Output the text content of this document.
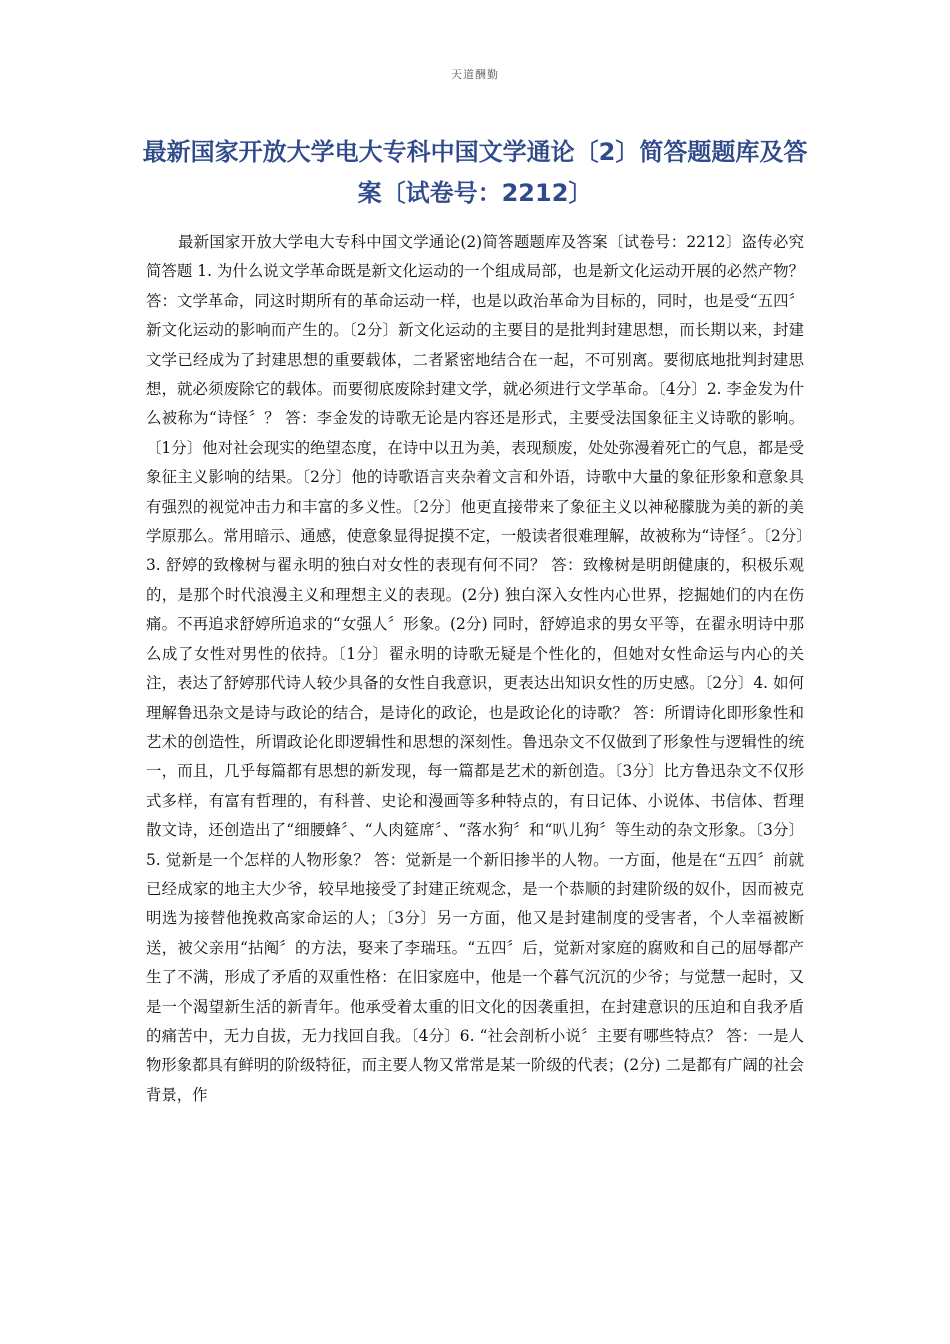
天道酬勤
最新国家开放大学电大专科中国文学通论〔2〕简答题题库及答案〔试卷号：2212〕

最新国家开放大学电大专科中国文学通论(2)简答题题库及答案〔试卷号：2212〕盗传必究 简答题 1. 为什么说文学革命既是新文化运动的一个组成局部，也是新文化运动开展的必然产物？ 答：文学革命，同这时期所有的革命运动一样，也是以政治革命为目标的，同时，也是受“五四〞新文化运动的影响而产生的。〔2分〕新文化运动的主要目的是批判封建思想，而长期以来，封建文学已经成为了封建思想的重要载体，二者紧密地结合在一起，不可别离。要彻底地批判封建思想，就必须废除它的载体。而要彻底废除封建文学，就必须进行文学革命。〔4分〕2. 李金发为什么被称为“诗怪〞？ 答：李金发的诗歌无论是内容还是形式，主要受法国象征主义诗歌的影响。〔1分〕他对社会现实的绝望态度，在诗中以丑为美，表现颓废，处处弥漫着死亡的气息，都是受象征主义影响的结果。〔2分〕他的诗歌语言夹杂着文言和外语，诗歌中大量的象征形象和意象具有强烈的视觉冲击力和丰富的多义性。〔2分〕他更直接带来了象征主义以神秘朦胧为美的新的美学原那么。常用暗示、通感，使意象显得捉摸不定，一般读者很难理解，故被称为“诗怪〞。〔2分〕3. 舒婷的致橡树与翟永明的独白对女性的表现有何不同？ 答：致橡树是明朗健康的，积极乐观的，是那个时代浪漫主义和理想主义的表现。(2分) 独白深入女性内心世界，挖掘她们的内在伤痛。不再追求舒婷所追求的“女强人〞形象。(2分) 同时，舒婷追求的男女平等，在翟永明诗中那么成了女性对男性的依持。〔1分〕翟永明的诗歌无疑是个性化的，但她对女性命运与内心的关注，表达了舒婷那代诗人较少具备的女性自我意识，更表达出知识女性的历史感。〔2分〕4. 如何理解鲁迅杂文是诗与政论的结合，是诗化的政论，也是政论化的诗歌？ 答：所谓诗化即形象性和艺术的创造性，所谓政论化即逻辑性和思想的深刻性。鲁迅杂文不仅做到了形象性与逻辑性的统一，而且，几乎每篇都有思想的新发现，每一篇都是艺术的新创造。〔3分〕比方鲁迅杂文不仅形式多样，有富有哲理的，有科普、史论和漫画等多种特点的，有日记体、小说体、书信体、哲理散文诗，还创造出了“细腰蜂〞、“人肉筵席〞、“落水狗〞和“叭儿狗〞等生动的杂文形象。〔3分〕5. 觉新是一个怎样的人物形象？ 答：觉新是一个新旧掺半的人物。一方面，他是在“五四〞前就已经成家的地主大少爷，较早地接受了封建正统观念，是一个恭顺的封建阶级的奴仆，因而被克明选为接替他挽救高家命运的人；〔3分〕另一方面，他又是封建制度的受害者，个人幸福被断送，被父亲用“拈阄〞的方法，娶来了李瑞珏。“五四〞后，觉新对家庭的腐败和自己的屈辱都产生了不满，形成了矛盾的双重性格：在旧家庭中，他是一个暮气沉沉的少爷；与觉慧一起时，又是一个渴望新生活的新青年。他承受着太重的旧文化的因袭重担，在封建意识的压迫和自我矛盾的痛苦中，无力自拔，无力找回自我。〔4分〕6. “社会剖析小说〞主要有哪些特点？ 答：一是人物形象都具有鲜明的阶级特征，而主要人物又常常是某一阶级的代表；(2分) 二是都有广阔的社会背景，作
